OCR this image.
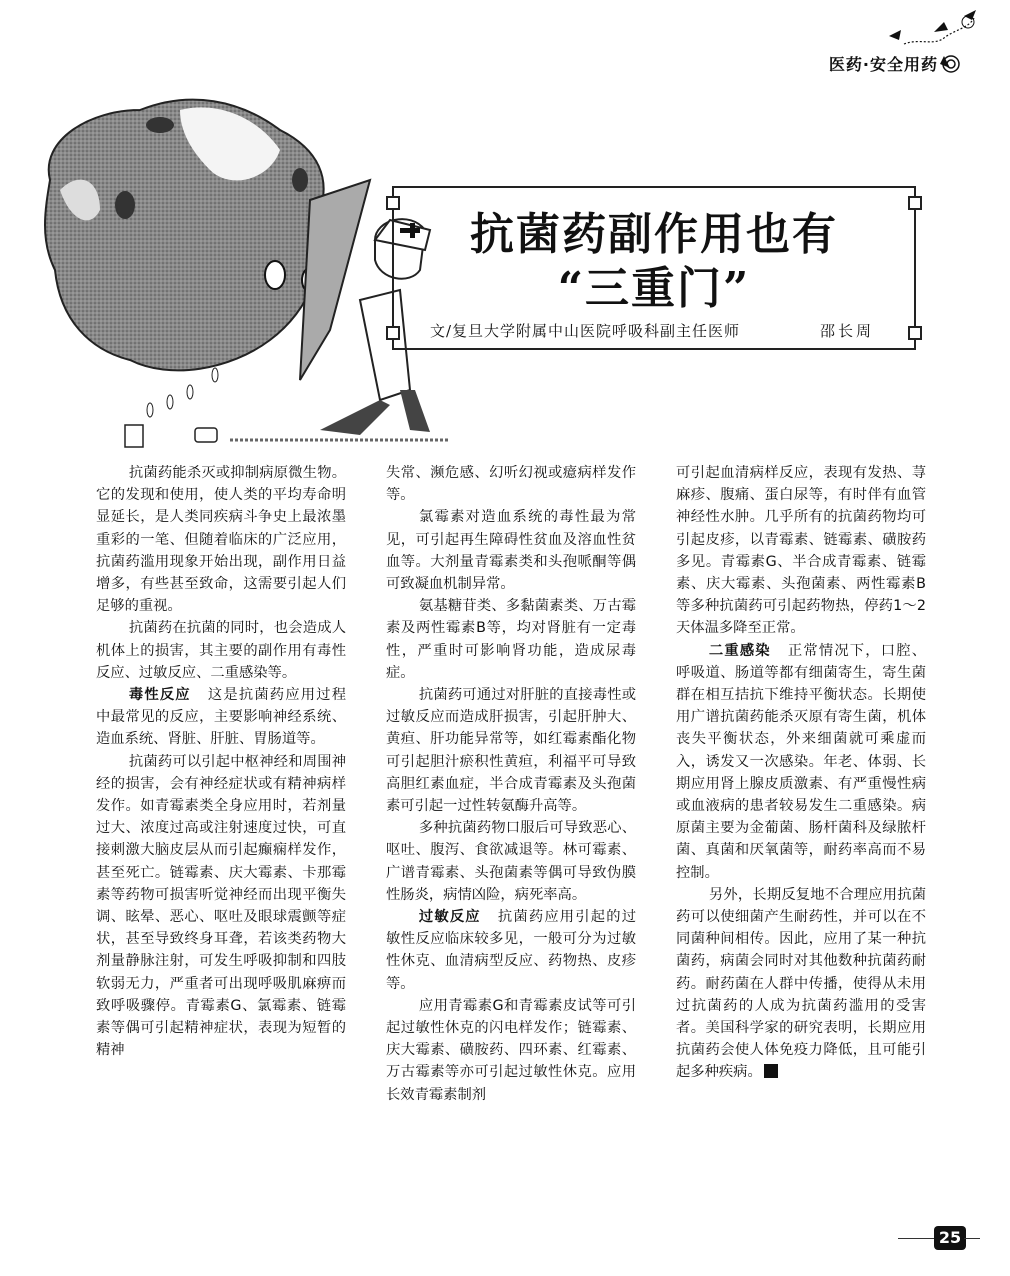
医药·安全用药
抗菌药副作用也有
“三重门”
文/复旦大学附属中山医院呼吸科副主任医师	邵长周

抗菌药能杀灭或抑制病原微生物。它的发现和使用，使人类的平均寿命明显延长，是人类同疾病斗争史上最浓墨重彩的一笔、但随着临床的广泛应用，抗菌药滥用现象开始出现，副作用日益增多，有些甚至致命，这需要引起人们足够的重视。

抗菌药在抗菌的同时，也会造成人机体上的损害，其主要的副作用有毒性反应、过敏反应、二重感染等。

毒性反应 这是抗菌药应用过程中最常见的反应，主要影响神经系统、造血系统、肾脏、肝脏、胃肠道等。

抗菌药可以引起中枢神经和周围神经的损害，会有神经症状或有精神病样发作。如青霉素类全身应用时，若剂量过大、浓度过高或注射速度过快，可直接刺激大脑皮层从而引起癫痫样发作，甚至死亡。链霉素、庆大霉素、卡那霉素等药物可损害听觉神经而出现平衡失调、眩晕、恶心、呕吐及眼球震颤等症状，甚至导致终身耳聋，若该类药物大剂量静脉注射，可发生呼吸抑制和四肢软弱无力，严重者可出现呼吸肌麻痹而致呼吸骤停。青霉素G、氯霉素、链霉素等偶可引起精神症状，表现为短暂的精神

失常、濒危感、幻听幻视或癔病样发作等。

氯霉素对造血系统的毒性最为常见，可引起再生障碍性贫血及溶血性贫血等。大剂量青霉素类和头孢哌酮等偶可致凝血机制异常。

氨基糖苷类、多黏菌素类、万古霉素及两性霉素B等，均对肾脏有一定毒性，严重时可影响肾功能，造成尿毒症。

抗菌药可通过对肝脏的直接毒性或过敏反应而造成肝损害，引起肝肿大、黄疸、肝功能异常等，如红霉素酯化物可引起胆汁瘀积性黄疸，利福平可导致高胆红素血症，半合成青霉素及头孢菌素可引起一过性转氨酶升高等。

多种抗菌药物口服后可导致恶心、呕吐、腹泻、食欲减退等。林可霉素、广谱青霉素、头孢菌素等偶可导致伪膜性肠炎，病情凶险，病死率高。

过敏反应 抗菌药应用引起的过敏性反应临床较多见，一般可分为过敏性休克、血清病型反应、药物热、皮疹等。

应用青霉素G和青霉素皮试等可引起过敏性休克的闪电样发作；链霉素、庆大霉素、磺胺药、四环素、红霉素、万古霉素等亦可引起过敏性休克。应用长效青霉素制剂

可引起血清病样反应，表现有发热、荨麻疹、腹痛、蛋白尿等，有时伴有血管神经性水肿。几乎所有的抗菌药物均可引起皮疹，以青霉素、链霉素、磺胺药多见。青霉素G、半合成青霉素、链霉素、庆大霉素、头孢菌素、两性霉素B等多种抗菌药可引起药物热，停药1～2天体温多降至正常。

二重感染 正常情况下，口腔、呼吸道、肠道等都有细菌寄生，寄生菌群在相互拮抗下维持平衡状态。长期使用广谱抗菌药能杀灭原有寄生菌，机体丧失平衡状态，外来细菌就可乘虚而入，诱发又一次感染。年老、体弱、长期应用肾上腺皮质激素、有严重慢性病或血液病的患者较易发生二重感染。病原菌主要为金葡菌、肠杆菌科及绿脓杆菌、真菌和厌氧菌等，耐药率高而不易控制。

另外，长期反复地不合理应用抗菌药可以使细菌产生耐药性，并可以在不同菌种间相传。因此，应用了某一种抗菌药，病菌会同时对其他数种抗菌药耐药。耐药菌在人群中传播，使得从未用过抗菌药的人成为抗菌药滥用的受害者。美国科学家的研究表明，长期应用抗菌药会使人体免疫力降低，且可能引起多种疾病。

25
